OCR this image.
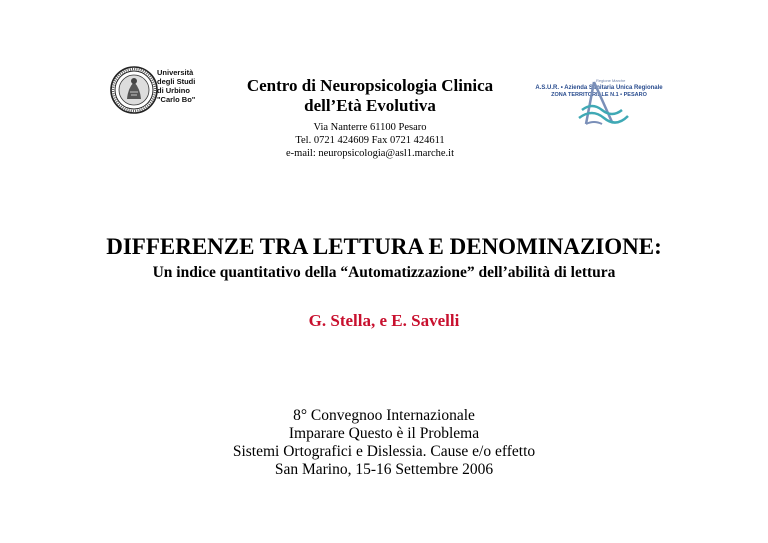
Università
degli Studi
di Urbino
"Carlo Bo"
Centro di Neuropsicologia Clinica
dell’Età Evolutiva
Via Nanterre 61100 Pesaro
Tel. 0721 424609 Fax 0721 424611
e-mail: neuropsicologia@asl1.marche.it
Regione Marche
A.S.U.R. • Azienda Sanitaria Unica Regionale
ZONA TERRITORIALE N.1 • PESARO
DIFFERENZE TRA LETTURA E DENOMINAZIONE:
Un indice quantitativo della “Automatizzazione” dell’abilità di lettura
G. Stella, e E. Savelli
8° Convegnoo Internazionale
Imparare Questo è il Problema
Sistemi Ortografici e Dislessia. Cause e/o effetto
San Marino, 15-16 Settembre 2006
